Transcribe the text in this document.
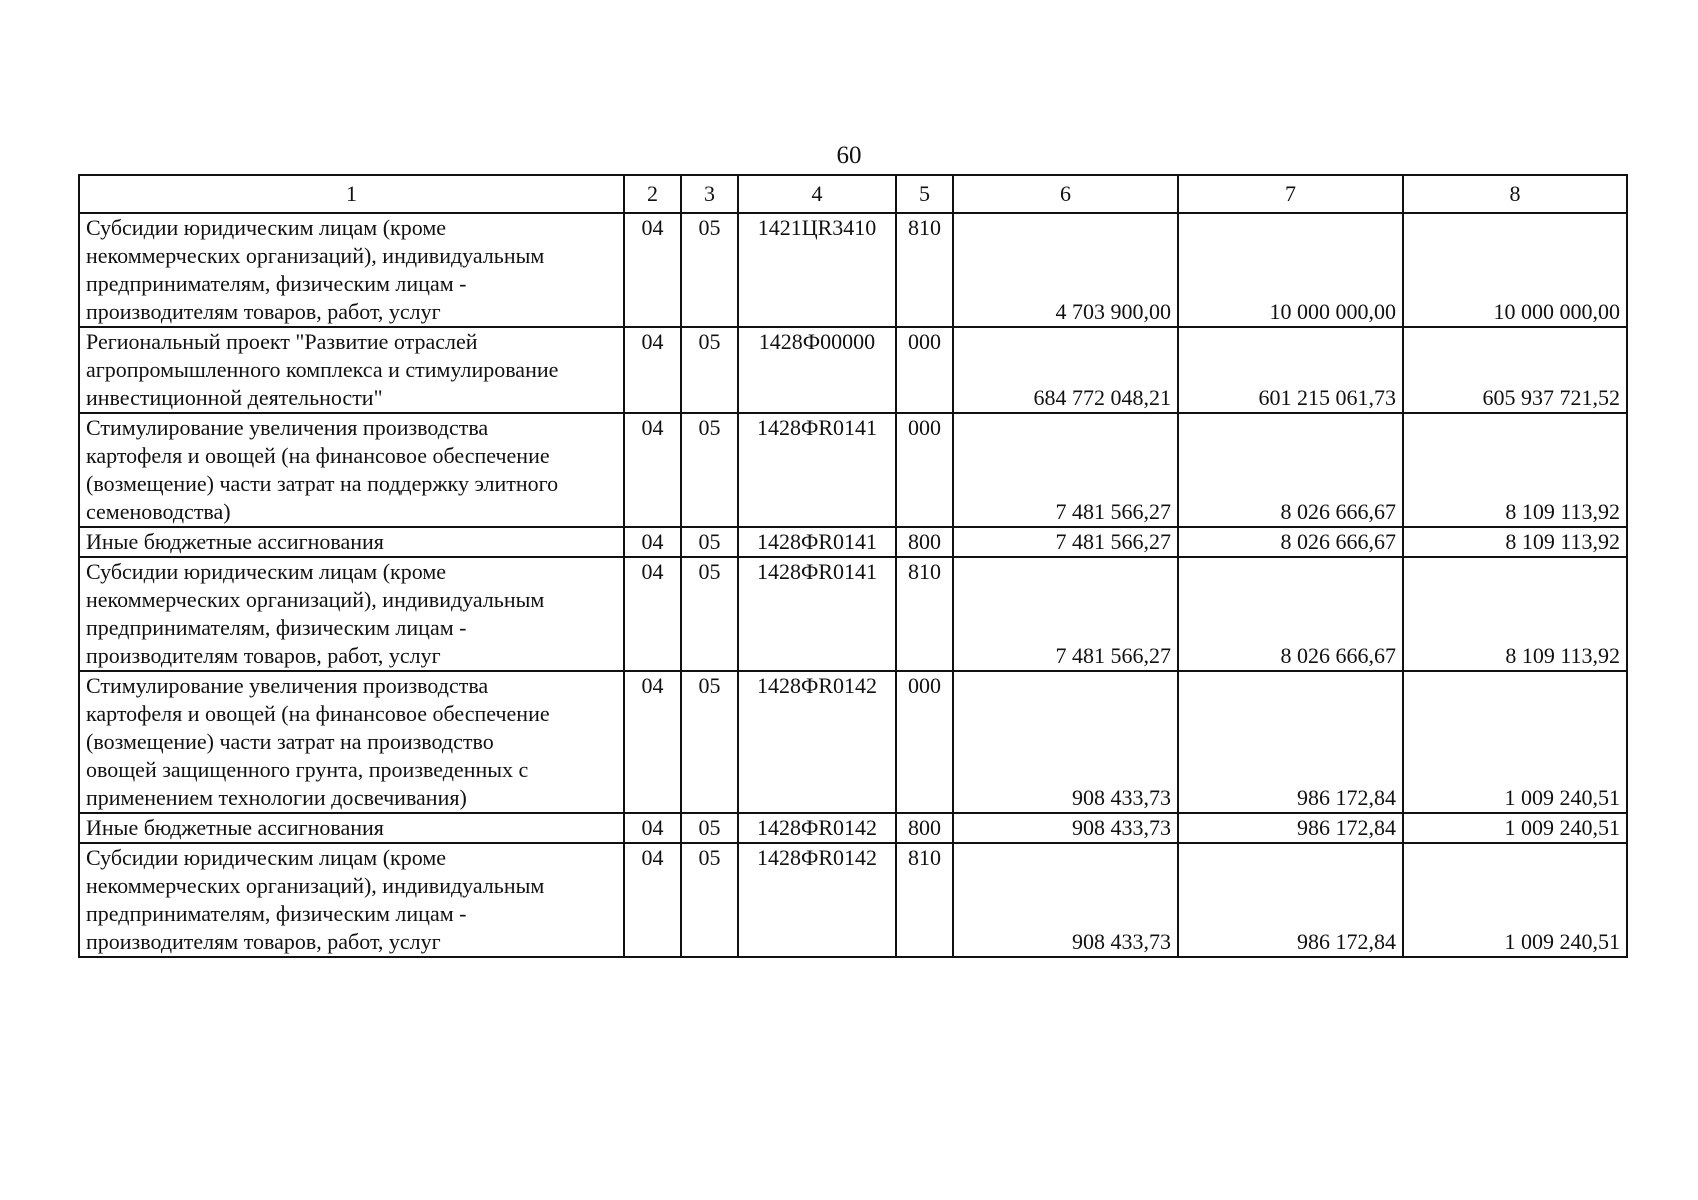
60
1	2	3	4	5	6	7	8

Субсидии юридическим лицам (кроме
некоммерческих организаций), индивидуальным
предпринимателям, физическим лицам -
производителям товаров, работ, услуг	04	05	1421ЦR3410	810	4 703 900,00	10 000 000,00	10 000 000,00

Региональный проект "Развитие отраслей
агропромышленного комплекса и стимулирование
инвестиционной деятельности"	04	05	1428Ф00000	000	684 772 048,21	601 215 061,73	605 937 721,52

Стимулирование увеличения производства
картофеля и овощей (на финансовое обеспечение
(возмещение) части затрат на поддержку элитного
семеноводства)	04	05	1428ФR0141	000	7 481 566,27	8 026 666,67	8 109 113,92

Иные бюджетные ассигнования	04	05	1428ФR0141	800	7 481 566,27	8 026 666,67	8 109 113,92

Субсидии юридическим лицам (кроме
некоммерческих организаций), индивидуальным
предпринимателям, физическим лицам -
производителям товаров, работ, услуг	04	05	1428ФR0141	810	7 481 566,27	8 026 666,67	8 109 113,92

Стимулирование увеличения производства
картофеля и овощей (на финансовое обеспечение
(возмещение) части затрат на производство
овощей защищенного грунта, произведенных с
применением технологии досвечивания)	04	05	1428ФR0142	000	908 433,73	986 172,84	1 009 240,51

Иные бюджетные ассигнования	04	05	1428ФR0142	800	908 433,73	986 172,84	1 009 240,51

Субсидии юридическим лицам (кроме
некоммерческих организаций), индивидуальным
предпринимателям, физическим лицам -
производителям товаров, работ, услуг	04	05	1428ФR0142	810	908 433,73	986 172,84	1 009 240,51
